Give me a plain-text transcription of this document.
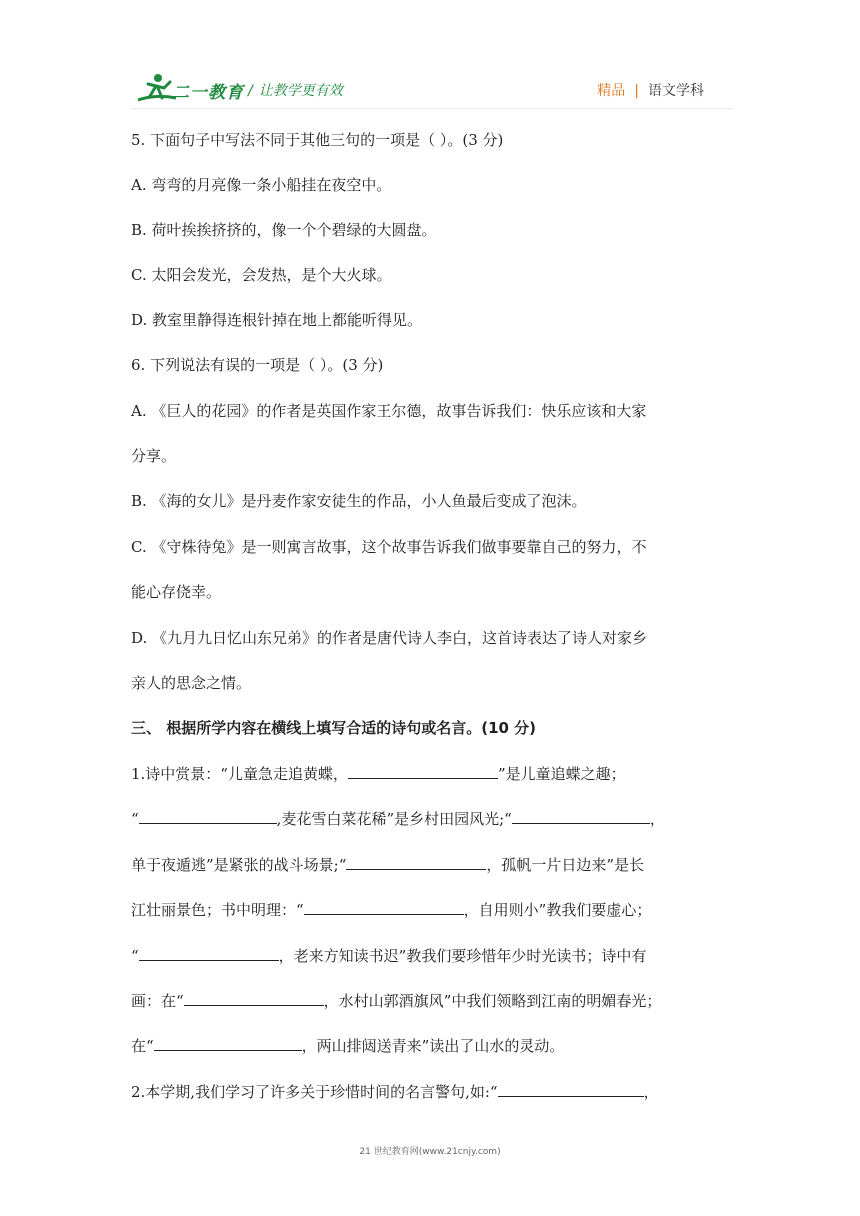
二一教育 / 让教学更有效	精品 | 语文学科
5. 下面句子中写法不同于其他三句的一项是（ ）。(3 分)
A. 弯弯的月亮像一条小船挂在夜空中。
B. 荷叶挨挨挤挤的，像一个个碧绿的大圆盘。
C. 太阳会发光，会发热，是个大火球。
D. 教室里静得连根针掉在地上都能听得见。
6. 下列说法有误的一项是（ ）。(3 分)
A. 《巨人的花园》的作者是英国作家王尔德，故事告诉我们：快乐应该和大家
分享。
B. 《海的女儿》是丹麦作家安徒生的作品，小人鱼最后变成了泡沫。
C. 《守株待兔》是一则寓言故事，这个故事告诉我们做事要靠自己的努力，不
能心存侥幸。
D. 《九月九日忆山东兄弟》的作者是唐代诗人李白，这首诗表达了诗人对家乡
亲人的思念之情。
三、 根据所学内容在横线上填写合适的诗句或名言。(10 分)
1.诗中赏景：“儿童急走追黄蝶，	”是儿童追蝶之趣；
“	,麦花雪白菜花稀”是乡村田园风光;“	，
单于夜遁逃”是紧张的战斗场景;“	，孤帆一片日边来”是长
江壮丽景色；书中明理：“	，自用则小”教我们要虚心；
“	，老来方知读书迟”教我们要珍惜年少时光读书；诗中有
画：在“	，水村山郭酒旗风”中我们领略到江南的明媚春光；
在“	，两山排闼送青来”读出了山水的灵动。
2.本学期,我们学习了许多关于珍惜时间的名言警句,如:“	，
21 世纪教育网(www.21cnjy.com)
